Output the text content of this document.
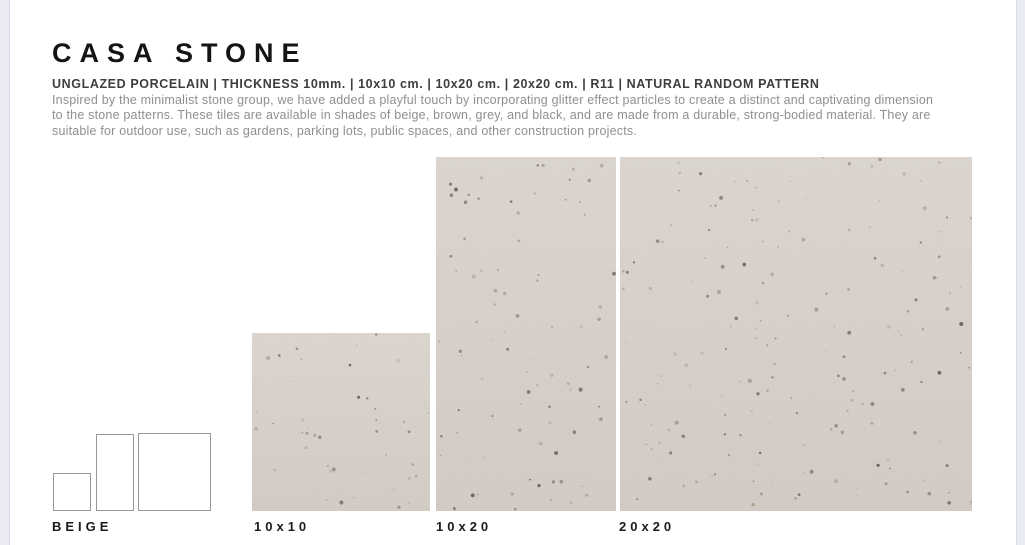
CASA STONE
UNGLAZED PORCELAIN | THICKNESS 10mm. | 10x10 cm. | 10x20 cm. | 20x20 cm. | R11 | NATURAL RANDOM PATTERN

Inspired by the minimalist stone group, we have added a playful touch by incorporating glitter effect particles to create a distinct and captivating dimension to the stone patterns. These tiles are available in shades of beige, brown, grey, and black, and are made from a durable, strong-bodied material. They are suitable for outdoor use, such as gardens, parking lots, public spaces, and other construction projects.

BEIGE	10x10	10x20	20x20
